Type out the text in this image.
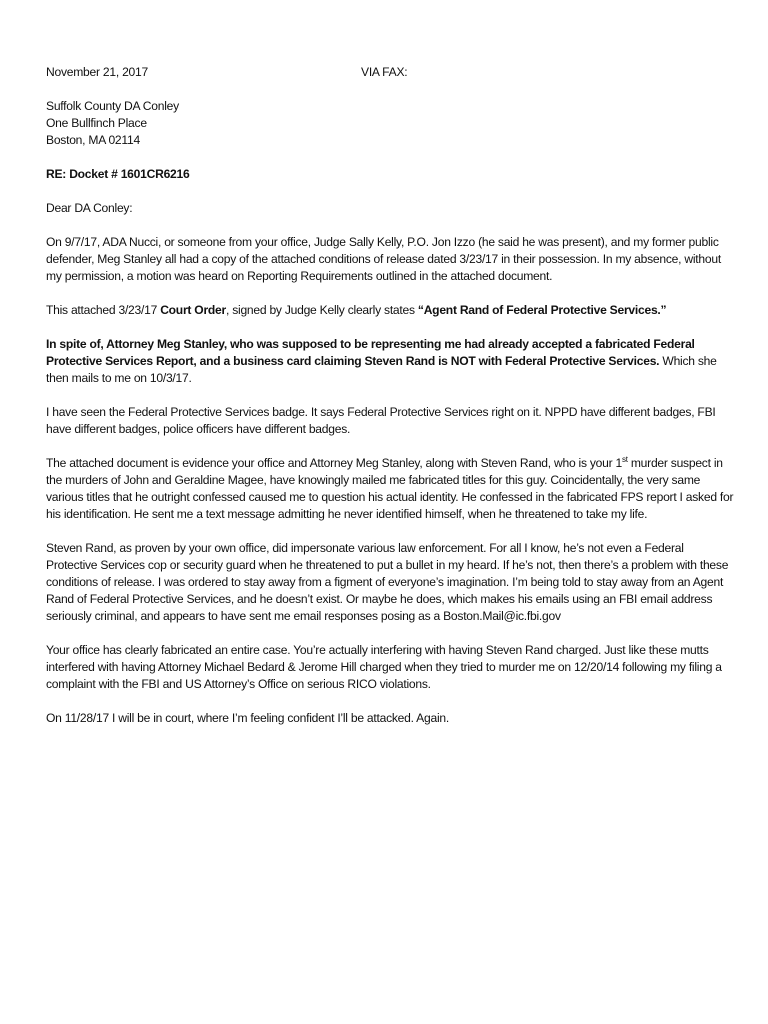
November 21, 2017	VIA FAX:
Suffolk County DA Conley
One Bullfinch Place
Boston, MA 02114

RE: Docket # 1601CR6216

Dear DA Conley:

On 9/7/17, ADA Nucci, or someone from your office, Judge Sally Kelly, P.O. Jon Izzo (he said he was present), and my former public defender, Meg Stanley all had a copy of the attached conditions of release dated 3/23/17 in their possession. In my absence, without my permission, a motion was heard on Reporting Requirements outlined in the attached document.

This attached 3/23/17 Court Order, signed by Judge Kelly clearly states “Agent Rand of Federal Protective Services.”

In spite of, Attorney Meg Stanley, who was supposed to be representing me had already accepted a fabricated Federal Protective Services Report, and a business card claiming Steven Rand is NOT with Federal Protective Services. Which she then mails to me on 10/3/17.

I have seen the Federal Protective Services badge. It says Federal Protective Services right on it. NPPD have different badges, FBI have different badges, police officers have different badges.

The attached document is evidence your office and Attorney Meg Stanley, along with Steven Rand, who is your 1st murder suspect in the murders of John and Geraldine Magee, have knowingly mailed me fabricated titles for this guy. Coincidentally, the very same various titles that he outright confessed caused me to question his actual identity. He confessed in the fabricated FPS report I asked for his identification. He sent me a text message admitting he never identified himself, when he threatened to take my life.

Steven Rand, as proven by your own office, did impersonate various law enforcement. For all I know, he’s not even a Federal Protective Services cop or security guard when he threatened to put a bullet in my heard. If he’s not, then there’s a problem with these conditions of release. I was ordered to stay away from a figment of everyone’s imagination. I’m being told to stay away from an Agent Rand of Federal Protective Services, and he doesn’t exist. Or maybe he does, which makes his emails using an FBI email address seriously criminal, and appears to have sent me email responses posing as a Boston.Mail@ic.fbi.gov

Your office has clearly fabricated an entire case. You’re actually interfering with having Steven Rand charged. Just like these mutts interfered with having Attorney Michael Bedard & Jerome Hill charged when they tried to murder me on 12/20/14 following my filing a complaint with the FBI and US Attorney’s Office on serious RICO violations.

On 11/28/17 I will be in court, where I’m feeling confident I’ll be attacked. Again.
